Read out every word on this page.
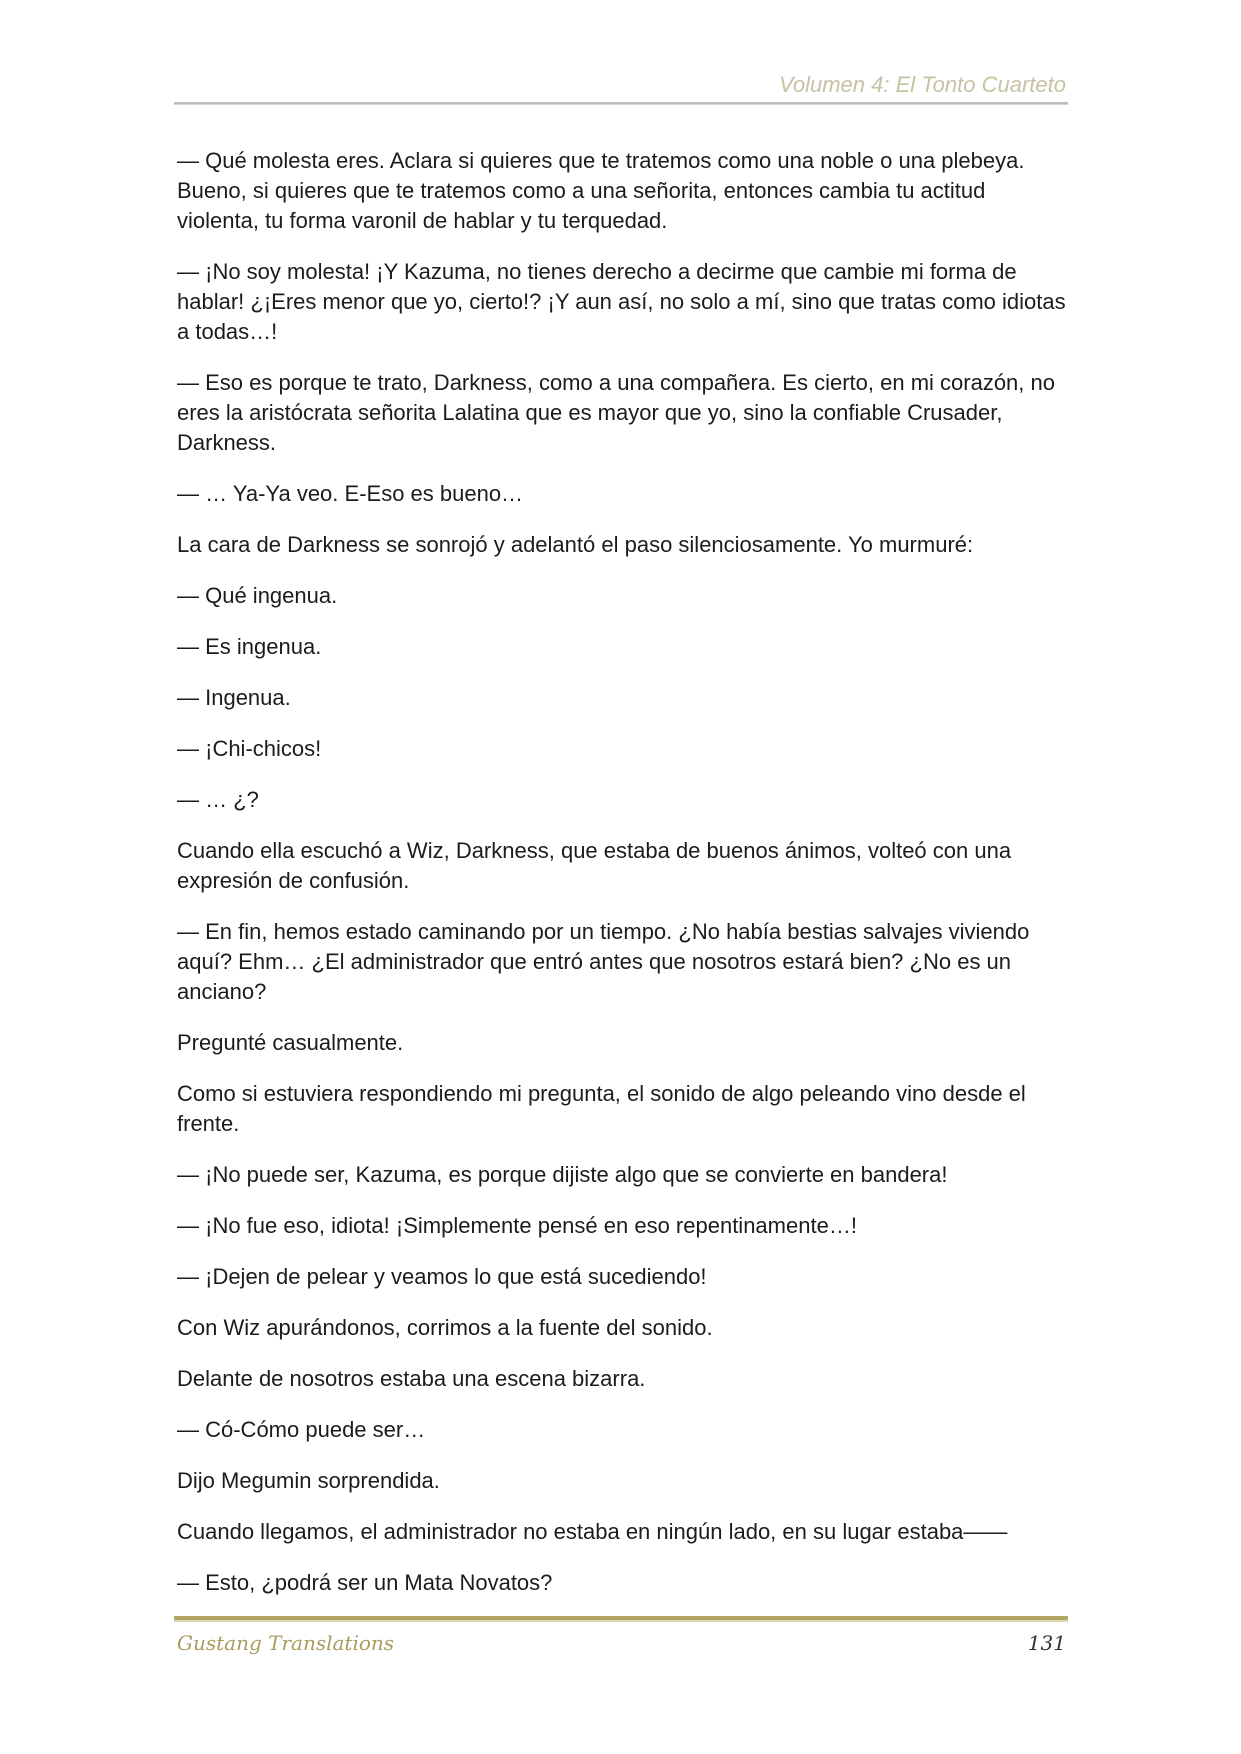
Volumen 4: El Tonto Cuarteto

— Qué molesta eres. Aclara si quieres que te tratemos como una noble o una plebeya. Bueno, si quieres que te tratemos como a una señorita, entonces cambia tu actitud violenta, tu forma varonil de hablar y tu terquedad.

— ¡No soy molesta! ¡Y Kazuma, no tienes derecho a decirme que cambie mi forma de hablar! ¿¡Eres menor que yo, cierto!? ¡Y aun así, no solo a mí, sino que tratas como idiotas a todas…!

— Eso es porque te trato, Darkness, como a una compañera. Es cierto, en mi corazón, no eres la aristócrata señorita Lalatina que es mayor que yo, sino la confiable Crusader, Darkness.

— … Ya-Ya veo. E-Eso es bueno…

La cara de Darkness se sonrojó y adelantó el paso silenciosamente. Yo murmuré:

— Qué ingenua.

— Es ingenua.

— Ingenua.

— ¡Chi-chicos!

— … ¿?

Cuando ella escuchó a Wiz, Darkness, que estaba de buenos ánimos, volteó con una expresión de confusión.

— En fin, hemos estado caminando por un tiempo. ¿No había bestias salvajes viviendo aquí? Ehm… ¿El administrador que entró antes que nosotros estará bien? ¿No es un anciano?

Pregunté casualmente.

Como si estuviera respondiendo mi pregunta, el sonido de algo peleando vino desde el frente.

— ¡No puede ser, Kazuma, es porque dijiste algo que se convierte en bandera!

— ¡No fue eso, idiota! ¡Simplemente pensé en eso repentinamente…!

— ¡Dejen de pelear y veamos lo que está sucediendo!

Con Wiz apurándonos, corrimos a la fuente del sonido.

Delante de nosotros estaba una escena bizarra.

— Có-Cómo puede ser…

Dijo Megumin sorprendida.

Cuando llegamos, el administrador no estaba en ningún lado, en su lugar estaba——

— Esto, ¿podrá ser un Mata Novatos?

Gustang Translations	131
